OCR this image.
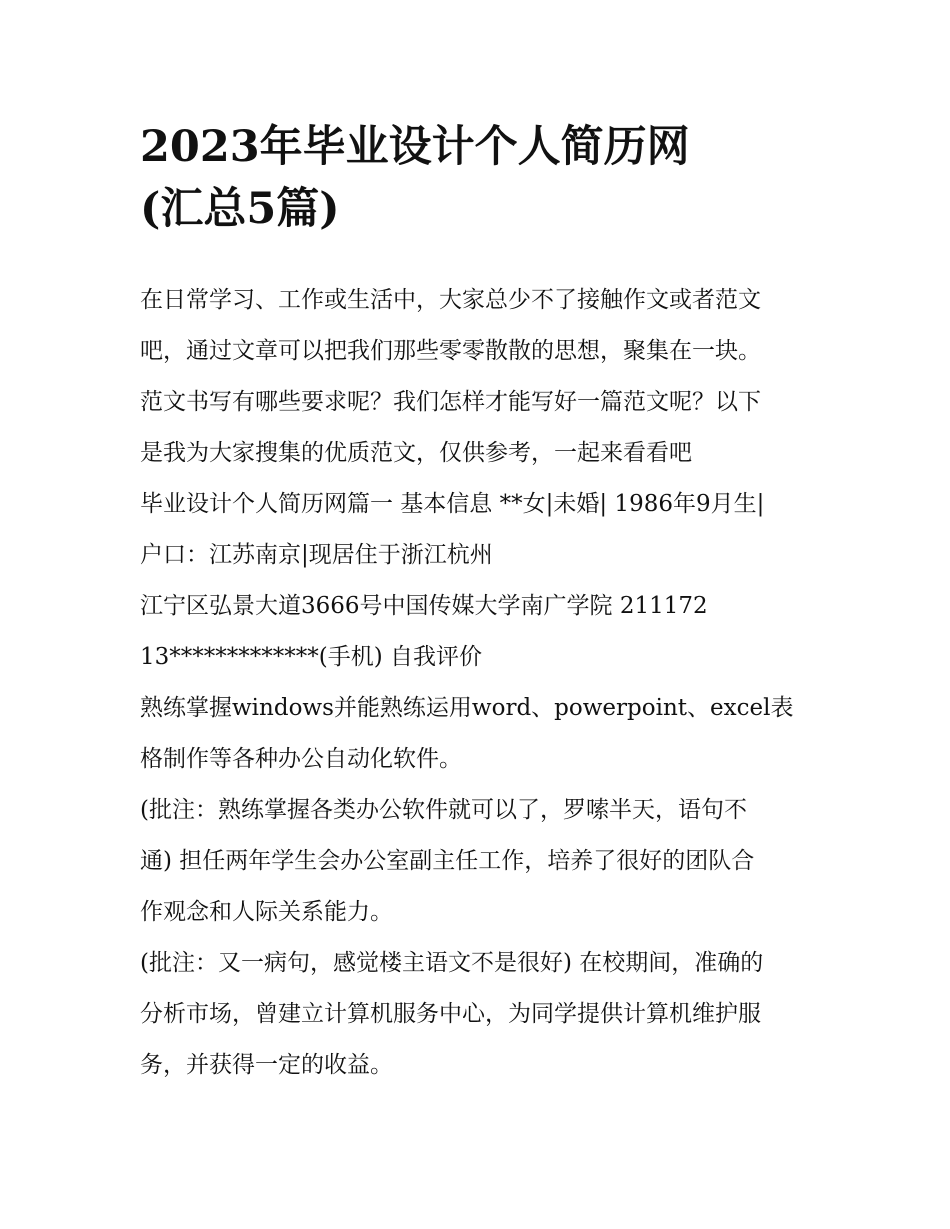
2023年毕业设计个人简历网
(汇总5篇)
在日常学习、工作或生活中，大家总少不了接触作文或者范文
吧，通过文章可以把我们那些零零散散的思想，聚集在一块。
范文书写有哪些要求呢？我们怎样才能写好一篇范文呢？以下
是我为大家搜集的优质范文，仅供参考，一起来看看吧
毕业设计个人简历网篇一 基本信息 **女|未婚| 1986年9月生|
户口：江苏南京|现居住于浙江杭州
江宁区弘景大道3666号中国传媒大学南广学院 211172
13*************(手机) 自我评价
熟练掌握windows并能熟练运用word、powerpoint、excel表
格制作等各种办公自动化软件。
(批注：熟练掌握各类办公软件就可以了，罗嗦半天，语句不
通) 担任两年学生会办公室副主任工作，培养了很好的团队合
作观念和人际关系能力。
(批注：又一病句，感觉楼主语文不是很好) 在校期间，准确的
分析市场，曾建立计算机服务中心，为同学提供计算机维护服
务，并获得一定的收益。
